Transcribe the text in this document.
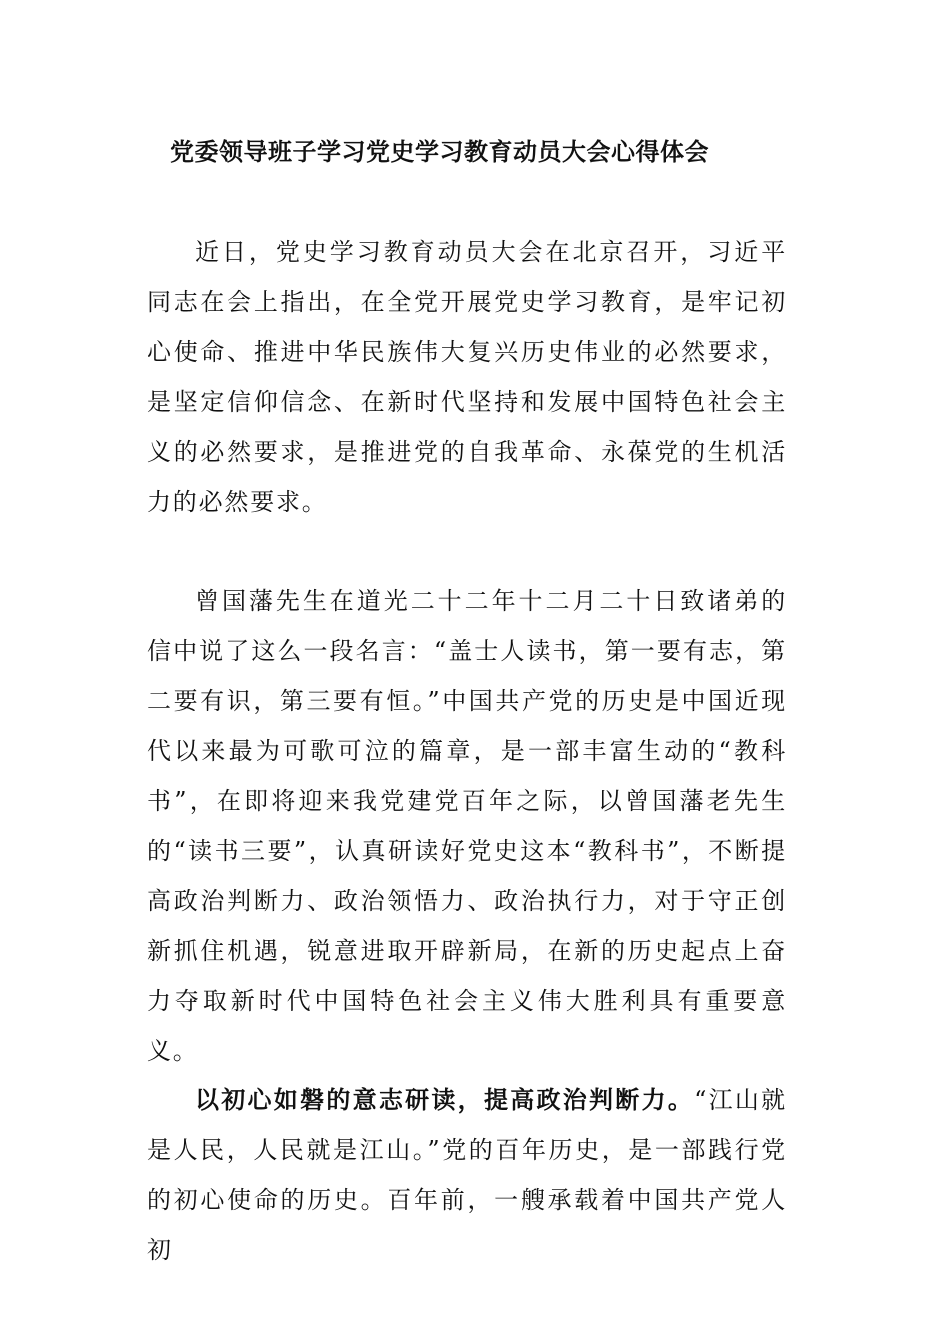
党委领导班子学习党史学习教育动员大会心得体会

近日，党史学习教育动员大会在北京召开，习近平同志在会上指出，在全党开展党史学习教育，是牢记初心使命、推进中华民族伟大复兴历史伟业的必然要求，是坚定信仰信念、在新时代坚持和发展中国特色社会主义的必然要求，是推进党的自我革命、永葆党的生机活力的必然要求。

曾国藩先生在道光二十二年十二月二十日致诸弟的信中说了这么一段名言：“盖士人读书，第一要有志，第二要有识，第三要有恒。”中国共产党的历史是中国近现代以来最为可歌可泣的篇章，是一部丰富生动的“教科书”，在即将迎来我党建党百年之际，以曾国藩老先生的“读书三要”，认真研读好党史这本“教科书”，不断提高政治判断力、政治领悟力、政治执行力，对于守正创新抓住机遇，锐意进取开辟新局，在新的历史起点上奋力夺取新时代中国特色社会主义伟大胜利具有重要意义。

以初心如磐的意志研读，提高政治判断力。“江山就是人民，人民就是江山。”党的百年历史，是一部践行党的初心使命的历史。百年前，一艘承载着中国共产党人初
